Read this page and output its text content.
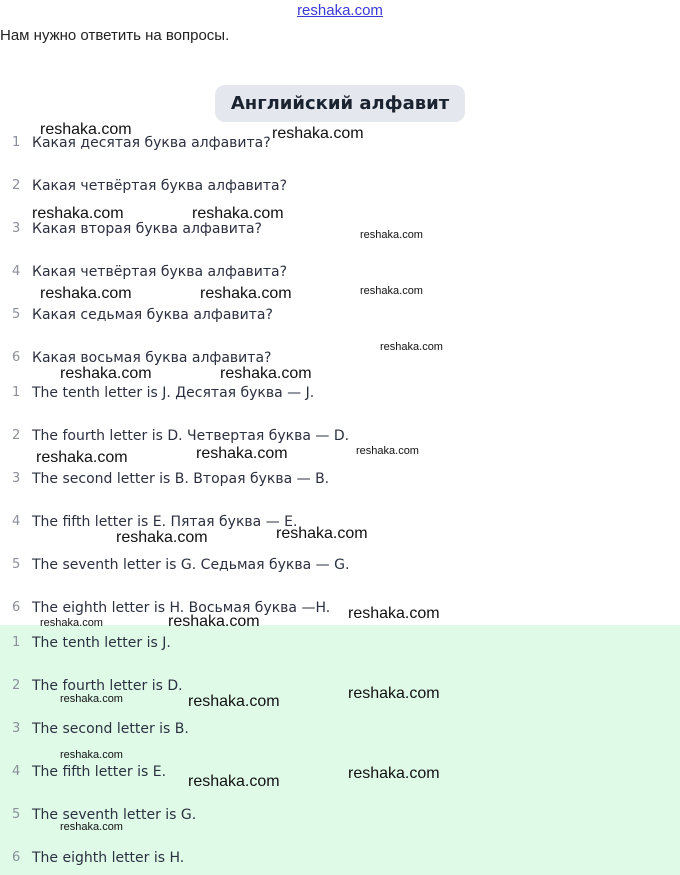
reshaka.com
Нам нужно ответить на вопросы.
Английский алфавит
1 Какая десятая буква алфавита?
2 Какая четвёртая буква алфавита?
3 Какая вторая буква алфавита?
4 Какая четвёртая буква алфавита?
5 Какая седьмая буква алфавита?
6 Какая восьмая буква алфавита?
1 The tenth letter is J. Десятая буква — J.
2 The fourth letter is D. Четвертая буква — D.
3 The second letter is B. Вторая буква — B.
4 The fifth letter is E. Пятая буква — E.
5 The seventh letter is G. Седьмая буква — G.
6 The eighth letter is H. Восьмая буква —H.
1 The tenth letter is J.
2 The fourth letter is D.
3 The second letter is B.
4 The fifth letter is E.
5 The seventh letter is G.
6 The eighth letter is H.
reshaka.com	reshaka.com
reshaka.com	reshaka.com
reshaka.com
reshaka.com	reshaka.com	reshaka.com
reshaka.com
reshaka.com	reshaka.com
reshaka.com	reshaka.com	reshaka.com
reshaka.com	reshaka.com
reshaka.com
reshaka.com	reshaka.com
reshaka.com	reshaka.com	reshaka.com
reshaka.com
reshaka.com	reshaka.com
reshaka.com
